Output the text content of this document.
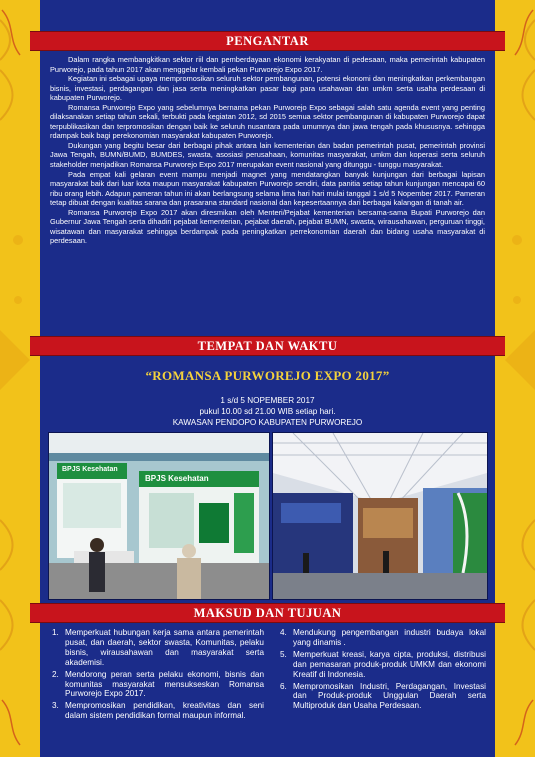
PENGANTAR

Dalam rangka membangkitkan sektor riil dan pemberdayaan ekonomi kerakyatan di pedesaan, maka pemerintah kabupaten Purworejo, pada tahun 2017 akan menggelar kembali pekan Purworejo Expo 2017.

Kegiatan ini sebagai upaya mempromosikan seluruh sektor pembangunan, potensi ekonomi dan meningkatkan perkembangan bisnis, investasi, perdagangan dan jasa serta meningkatkan pasar bagi para usahawan dan umkm serta usaha perdesaan di kabupaten Purworejo.

Romansa Purworejo Expo yang sebelumnya bernama pekan Purworejo Expo sebagai salah satu agenda event yang penting dilaksanakan setiap tahun sekali, terbukti pada kegiatan 2012, sd 2015 semua sektor pembangunan di kabupaten Purworejo dapat terpublikasikan dan terpromosikan dengan baik ke seluruh nusantara pada umumnya dan jawa tengah pada khususnya. sehingga rdampak baik bagi perekonomian masyarakat kabupaten Purworejo.

Dukungan yang begitu besar dari berbagai pihak antara lain kementerian dan badan pemerintah pusat, pemerintah provinsi Jawa Tengah, BUMN/BUMD, BUMDES, swasta, asosiasi perusahaan, komunitas masyarakat, umkm dan koperasi serta seluruh stakeholder menjadikan Romansa Purworejo Expo 2017 merupakan event nasional yang ditunggu - tunggu masyarakat.

Pada empat kali gelaran event mampu menjadi magnet yang mendatangkan banyak kunjungan dari berbagai lapisan masyarakat baik dari luar kota maupun masyarakat kabupaten Purworejo sendiri, data panitia setiap tahun kunjungan mencapai 60 ribu orang lebih. Adapun pameran tahun ini akan berlangsung selama lima hari hari mulai tanggal 1 s/d 5 Nopember 2017. Pameran tetap dibuat dengan kualitas sarana dan prasarana standard nasional dan kepesertaannya dari berbagai kalangan di tanah air.

Romansa Purworejo Expo 2017 akan diresmikan oleh Menteri/Pejabat kementerian bersama-sama Bupati Purworejo dan Gubernur Jawa Tengah serta dihadiri pejabat kementerian, pejabat daerah, pejabat BUMN, swasta, wirausahawan, perguruan tinggi, wisatawan dan masyarakat sehingga berdampak pada peningkatkan perrekonomian daerah dan bidang usaha masyarakat di perdesaan.

TEMPAT DAN WAKTU
“ROMANSA PURWOREJO EXPO 2017”
1 s/d 5 NOPEMBER 2017
pukul 10.00 sd 21.00 WIB setiap hari.
KAWASAN PENDOPO KABUPATEN PURWOREJO
BPJS Kesehatan
BPJS Kesehatan
MAKSUD DAN TUJUAN
1. Memperkuat hubungan kerja sama antara pemerintah pusat, dan daerah, sektor swasta, Komunitas, pelaku bisnis, wirausahawan dan masyarakat serta akademisi.
2. Mendorong peran serta pelaku ekonomi, bisnis dan komunitas masyarakat mensukseskan Romansa Purworejo Expo 2017.
3. Mempromosikan pendidikan, kreativitas dan seni dalam sistem pendidikan formal maupun informal.
4. Mendukung pengembangan industri budaya lokal yang dinamis .
5. Memperkuat kreasi, karya cipta, produksi, distribusi dan pemasaran produk-produk UMKM dan ekonomi Kreatif di Indonesia.
6. Mempromosikan Industri, Perdagangan, Investasi dan Produk-produk Unggulan Daerah serta Multiproduk dan Usaha Perdesaan.
